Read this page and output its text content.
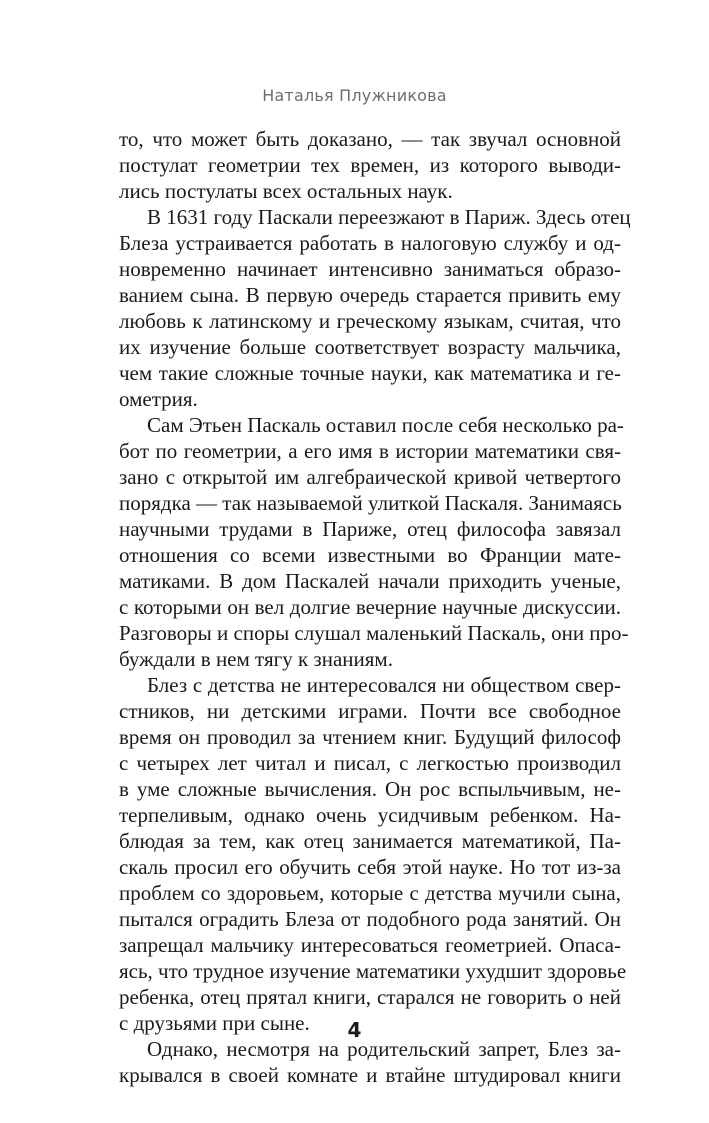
Наталья Плужникова
то, что может быть доказано, — так звучал основной
постулат геометрии тех времен, из которого выводи-
лись постулаты всех остальных наук.
В 1631 году Паскали переезжают в Париж. Здесь отец
Блеза устраивается работать в налоговую службу и од-
новременно начинает интенсивно заниматься образо-
ванием сына. В первую очередь старается привить ему
любовь к латинскому и греческому языкам, считая, что
их изучение больше соответствует возрасту мальчика,
чем такие сложные точные науки, как математика и ге-
ометрия.
Сам Этьен Паскаль оставил после себя несколько ра-
бот по геометрии, а его имя в истории математики свя-
зано с открытой им алгебраической кривой четвертого
порядка — так называемой улиткой Паскаля. Занимаясь
научными трудами в Париже, отец философа завязал
отношения со всеми известными во Франции мате-
матиками. В дом Паскалей начали приходить ученые,
с которыми он вел долгие вечерние научные дискуссии.
Разговоры и споры слушал маленький Паскаль, они про-
буждали в нем тягу к знаниям.
Блез с детства не интересовался ни обществом свер-
стников, ни детскими играми. Почти все свободное
время он проводил за чтением книг. Будущий философ
с четырех лет читал и писал, с легкостью производил
в уме сложные вычисления. Он рос вспыльчивым, не-
терпеливым, однако очень усидчивым ребенком. На-
блюдая за тем, как отец занимается математикой, Па-
скаль просил его обучить себя этой науке. Но тот из-за
проблем со здоровьем, которые с детства мучили сына,
пытался оградить Блеза от подобного рода занятий. Он
запрещал мальчику интересоваться геометрией. Опаса-
ясь, что трудное изучение математики ухудшит здоровье
ребенка, отец прятал книги, старался не говорить о ней
с друзьями при сыне.
Однако, несмотря на родительский запрет, Блез за-
крывался в своей комнате и втайне штудировал книги
4
